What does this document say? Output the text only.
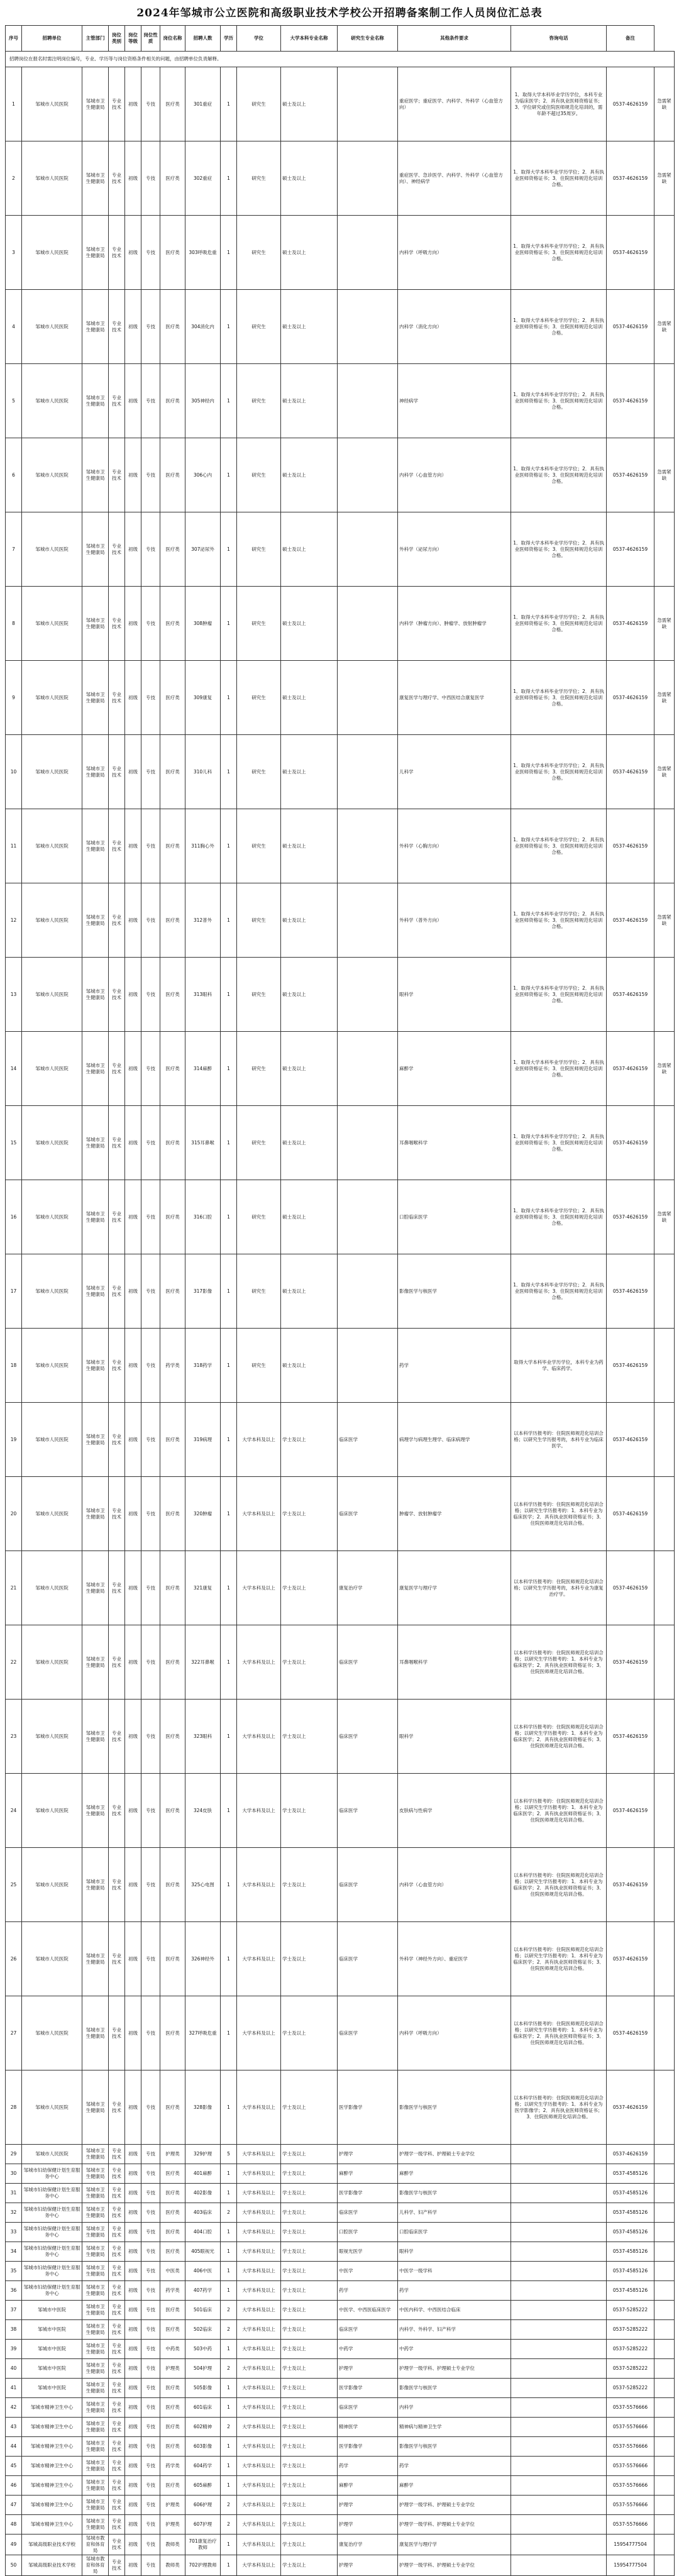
2024年邹城市公立医院和高级职业技术学校公开招聘备案制工作人员岗位汇总表
序号	招聘单位	主管部门	岗位类别	岗位等级	岗位性质	岗位名称	招聘人数	学历	学位	大学本科专业名称	研究生专业名称	其他条件要求	咨询电话	备注	
招聘岗位在报名时需注明岗位编号，专业、学历等与岗位资格条件相关的问题，由招聘单位负责解释。															
1	邹城市人民医院	邹城市卫生健康局	专业技术	初级	专技	医疗类	301重症	1	研究生	硕士及以上		重症医学；重症医学、内科学、外科学（心血管方向）	1．取得大学本科毕业学历学位，本科专业为临床医学；2．具有执业医师资格证书；3．学位研究或住院医师规范化培训的，需年龄不超过35周岁。	0537-4626159	急需紧缺
2	邹城市人民医院	邹城市卫生健康局	专业技术	初级	专技	医疗类	302重症	1	研究生	硕士及以上		重症医学、急诊医学、内科学、外科学（心血管方向）、神经病学	1．取得大学本科毕业学历学位；2．具有执业医师资格证书；3．住院医师规范化培训合格。	0537-4626159	急需紧缺
3	邹城市人民医院	邹城市卫生健康局	专业技术	初级	专技	医疗类	303呼吸危重	1	研究生	硕士及以上		内科学（呼吸方向）	1．取得大学本科毕业学历学位；2．具有执业医师资格证书；3．住院医师规范化培训合格。	0537-4626159	
4	邹城市人民医院	邹城市卫生健康局	专业技术	初级	专技	医疗类	304消化内	1	研究生	硕士及以上		内科学（消化方向）	1．取得大学本科毕业学历学位；2．具有执业医师资格证书；3．住院医师规范化培训合格。	0537-4626159	急需紧缺
5	邹城市人民医院	邹城市卫生健康局	专业技术	初级	专技	医疗类	305神经内	1	研究生	硕士及以上		神经病学	1．取得大学本科毕业学历学位；2．具有执业医师资格证书；3．住院医师规范化培训合格。	0537-4626159	
6	邹城市人民医院	邹城市卫生健康局	专业技术	初级	专技	医疗类	306心内	1	研究生	硕士及以上		内科学（心血管方向）	1．取得大学本科毕业学历学位；2．具有执业医师资格证书；3．住院医师规范化培训合格。	0537-4626159	急需紧缺
7	邹城市人民医院	邹城市卫生健康局	专业技术	初级	专技	医疗类	307泌尿外	1	研究生	硕士及以上		外科学（泌尿方向）	1．取得大学本科毕业学历学位；2．具有执业医师资格证书；3．住院医师规范化培训合格。	0537-4626159	
8	邹城市人民医院	邹城市卫生健康局	专业技术	初级	专技	医疗类	308肿瘤	1	研究生	硕士及以上		内科学（肿瘤方向）、肿瘤学、放射肿瘤学	1．取得大学本科毕业学历学位；2．具有执业医师资格证书；3．住院医师规范化培训合格。	0537-4626159	急需紧缺
9	邹城市人民医院	邹城市卫生健康局	专业技术	初级	专技	医疗类	309康复	1	研究生	硕士及以上		康复医学与理疗学、中西医结合康复医学	1．取得大学本科毕业学历学位；2．具有执业医师资格证书；3．住院医师规范化培训合格。	0537-4626159	急需紧缺
10	邹城市人民医院	邹城市卫生健康局	专业技术	初级	专技	医疗类	310儿科	1	研究生	硕士及以上		儿科学	1．取得大学本科毕业学历学位；2．具有执业医师资格证书；3．住院医师规范化培训合格。	0537-4626159	急需紧缺
11	邹城市人民医院	邹城市卫生健康局	专业技术	初级	专技	医疗类	311胸心外	1	研究生	硕士及以上		外科学（心胸方向）	1．取得大学本科毕业学历学位；2．具有执业医师资格证书；3．住院医师规范化培训合格。	0537-4626159	
12	邹城市人民医院	邹城市卫生健康局	专业技术	初级	专技	医疗类	312普外	1	研究生	硕士及以上		外科学（普外方向）	1．取得大学本科毕业学历学位；2．具有执业医师资格证书；3．住院医师规范化培训合格。	0537-4626159	急需紧缺
13	邹城市人民医院	邹城市卫生健康局	专业技术	初级	专技	医疗类	313眼科	1	研究生	硕士及以上		眼科学	1．取得大学本科毕业学历学位；2．具有执业医师资格证书；3．住院医师规范化培训合格。	0537-4626159	
14	邹城市人民医院	邹城市卫生健康局	专业技术	初级	专技	医疗类	314麻醉	1	研究生	硕士及以上		麻醉学	1．取得大学本科毕业学历学位；2．具有执业医师资格证书；3．住院医师规范化培训合格。	0537-4626159	急需紧缺
15	邹城市人民医院	邹城市卫生健康局	专业技术	初级	专技	医疗类	315耳鼻喉	1	研究生	硕士及以上		耳鼻咽喉科学	1．取得大学本科毕业学历学位；2．具有执业医师资格证书；3．住院医师规范化培训合格。	0537-4626159	
16	邹城市人民医院	邹城市卫生健康局	专业技术	初级	专技	医疗类	316口腔	1	研究生	硕士及以上		口腔临床医学	1．取得大学本科毕业学历学位；2．具有执业医师资格证书；3．住院医师规范化培训合格。	0537-4626159	急需紧缺
17	邹城市人民医院	邹城市卫生健康局	专业技术	初级	专技	医疗类	317影像	1	研究生	硕士及以上		影像医学与核医学	1．取得大学本科毕业学历学位；2．具有执业医师资格证书；3．住院医师规范化培训合格。	0537-4626159	
18	邹城市人民医院	邹城市卫生健康局	专业技术	初级	专技	药学类	318药学	1	研究生	硕士及以上		药学	取得大学本科毕业学历学位，本科专业为药学、临床药学。	0537-4626159	
19	邹城市人民医院	邹城市卫生健康局	专业技术	初级	专技	医疗类	319病理	1	大学本科及以上	学士及以上	临床医学	病理学与病理生理学、临床病理学	以本科学历报考的：住院医师规范化培训合格；以研究生学历报考的，本科专业为临床医学。	0537-4626159	
20	邹城市人民医院	邹城市卫生健康局	专业技术	初级	专技	医疗类	320肿瘤	1	大学本科及以上	学士及以上	临床医学	肿瘤学、放射肿瘤学	以本科学历报考的：住院医师规范化培训合格；以研究生学历报考的：1．本科专业为临床医学；2．具有执业医师资格证书；3．住院医师规范化培训合格。	0537-4626159	
21	邹城市人民医院	邹城市卫生健康局	专业技术	初级	专技	医疗类	321康复	1	大学本科及以上	学士及以上	康复治疗学	康复医学与理疗学	以本科学历报考的：住院医师规范化培训合格；以研究生学历报考的，本科专业为康复治疗学。	0537-4626159	
22	邹城市人民医院	邹城市卫生健康局	专业技术	初级	专技	医疗类	322耳鼻喉	1	大学本科及以上	学士及以上	临床医学	耳鼻咽喉科学	以本科学历报考的：住院医师规范化培训合格；以研究生学历报考的：1．本科专业为临床医学；2．具有执业医师资格证书；3．住院医师规范化培训合格。	0537-4626159	
23	邹城市人民医院	邹城市卫生健康局	专业技术	初级	专技	医疗类	323眼科	1	大学本科及以上	学士及以上	临床医学	眼科学	以本科学历报考的：住院医师规范化培训合格；以研究生学历报考的：1．本科专业为临床医学；2．具有执业医师资格证书；3．住院医师规范化培训合格。	0537-4626159	
24	邹城市人民医院	邹城市卫生健康局	专业技术	初级	专技	医疗类	324皮肤	1	大学本科及以上	学士及以上	临床医学	皮肤病与性病学	以本科学历报考的：住院医师规范化培训合格；以研究生学历报考的：1．本科专业为临床医学；2．具有执业医师资格证书；3．住院医师规范化培训合格。	0537-4626159	
25	邹城市人民医院	邹城市卫生健康局	专业技术	初级	专技	医疗类	325心电图	1	大学本科及以上	学士及以上	临床医学	内科学（心血管方向）	以本科学历报考的：住院医师规范化培训合格；以研究生学历报考的：1．本科专业为临床医学；2．具有执业医师资格证书；3．住院医师规范化培训合格。	0537-4626159	
26	邹城市人民医院	邹城市卫生健康局	专业技术	初级	专技	医疗类	326神经外	1	大学本科及以上	学士及以上	临床医学	外科学（神经外方向）、重症医学	以本科学历报考的：住院医师规范化培训合格；以研究生学历报考的：1．本科专业为临床医学；2．具有执业医师资格证书；3．住院医师规范化培训合格。	0537-4626159	
27	邹城市人民医院	邹城市卫生健康局	专业技术	初级	专技	医疗类	327呼吸危重	1	大学本科及以上	学士及以上	临床医学	内科学（呼吸方向）	以本科学历报考的：住院医师规范化培训合格；以研究生学历报考的：1．本科专业为临床医学；2．具有执业医师资格证书；3．住院医师规范化培训合格。	0537-4626159	
28	邹城市人民医院	邹城市卫生健康局	专业技术	初级	专技	医疗类	328影像	1	大学本科及以上	学士及以上	医学影像学	影像医学与核医学	以本科学历报考的：住院医师规范化培训合格；以研究生学历报考的：1．本科专业为医学影像学；2．具有执业医师资格证书；3．住院医师规范化培训合格。	0537-4626159	
29	邹城市人民医院	邹城市卫生健康局	专业技术	初级	专技	护理类	329护理	5	大学本科及以上	学士及以上	护理学	护理学一级学科、护理硕士专业学位		0537-4626159	
30	邹城市妇幼保健计划生育服务中心	邹城市卫生健康局	专业技术	初级	专技	医疗类	401麻醉	1	大学本科及以上	学士及以上	麻醉学	麻醉学		0537-4585126	
31	邹城市妇幼保健计划生育服务中心	邹城市卫生健康局	专业技术	初级	专技	医疗类	402影像	1	大学本科及以上	学士及以上	医学影像学	影像医学与核医学		0537-4585126	
32	邹城市妇幼保健计划生育服务中心	邹城市卫生健康局	专业技术	初级	专技	医疗类	403临床	2	大学本科及以上	学士及以上	临床医学	儿科学、妇产科学		0537-4585126	
33	邹城市妇幼保健计划生育服务中心	邹城市卫生健康局	专业技术	初级	专技	医疗类	404口腔	1	大学本科及以上	学士及以上	口腔医学	口腔临床医学		0537-4585126	
34	邹城市妇幼保健计划生育服务中心	邹城市卫生健康局	专业技术	初级	专技	医疗类	405眼视光	1	大学本科及以上	学士及以上	眼视光医学	眼科学		0537-4585126	
35	邹城市妇幼保健计划生育服务中心	邹城市卫生健康局	专业技术	初级	专技	中医类	406中医	1	大学本科及以上	学士及以上	中医学	中医学一级学科		0537-4585126	
36	邹城市妇幼保健计划生育服务中心	邹城市卫生健康局	专业技术	初级	专技	药学类	407药学	1	大学本科及以上	学士及以上	药学	药学		0537-4585126	
37	邹城市中医院	邹城市卫生健康局	专业技术	初级	专技	医疗类	501临床	2	大学本科及以上	学士及以上	中医学、中西医临床医学	中医内科学、中西医结合临床		0537-5285222	
38	邹城市中医院	邹城市卫生健康局	专业技术	初级	专技	医疗类	502临床	2	大学本科及以上	学士及以上	临床医学	内科学、外科学、妇产科学		0537-5285222	
39	邹城市中医院	邹城市卫生健康局	专业技术	初级	专技	中药类	503中药	1	大学本科及以上	学士及以上	中药学	中药学		0537-5285222	
40	邹城市中医院	邹城市卫生健康局	专业技术	初级	专技	护理类	504护理	2	大学本科及以上	学士及以上	护理学	护理学一级学科、护理硕士专业学位		0537-5285222	
41	邹城市中医院	邹城市卫生健康局	专业技术	初级	专技	医疗类	505影像	1	大学本科及以上	学士及以上	医学影像学	影像医学与核医学		0537-5285222	
42	邹城市精神卫生中心	邹城市卫生健康局	专业技术	初级	专技	医疗类	601临床	1	大学本科及以上	学士及以上	临床医学	内科学		0537-5576666	
43	邹城市精神卫生中心	邹城市卫生健康局	专业技术	初级	专技	医疗类	602精神	2	大学本科及以上	学士及以上	精神医学	精神病与精神卫生学		0537-5576666	
44	邹城市精神卫生中心	邹城市卫生健康局	专业技术	初级	专技	医疗类	603影像	1	大学本科及以上	学士及以上	医学影像学	影像医学与核医学		0537-5576666	
45	邹城市精神卫生中心	邹城市卫生健康局	专业技术	初级	专技	药学类	604药学	1	大学本科及以上	学士及以上	药学	药学		0537-5576666	
46	邹城市精神卫生中心	邹城市卫生健康局	专业技术	初级	专技	医疗类	605麻醉	1	大学本科及以上	学士及以上	麻醉学	麻醉学		0537-5576666	
47	邹城市精神卫生中心	邹城市卫生健康局	专业技术	初级	专技	护理类	606护理	2	大学本科及以上	学士及以上	护理学	护理学一级学科、护理硕士专业学位		0537-5576666	
48	邹城市精神卫生中心	邹城市卫生健康局	专业技术	初级	专技	护理类	607护理	2	大学本科及以上	学士及以上	护理学	护理学一级学科、护理硕士专业学位		0537-5576666	
49	邹城高级职业技术学校	邹城市教育和体育局	专业技术	初级	专技	教师类	701康复治疗教师	1	大学本科及以上	学士及以上	康复治疗学	康复医学与理疗学		15954777504	
50	邹城高级职业技术学校	邹城市教育和体育局	专业技术	初级	专技	教师类	702护理教师	1	大学本科及以上	学士及以上	护理学	护理学一级学科、护理硕士专业学位		15954777504	
